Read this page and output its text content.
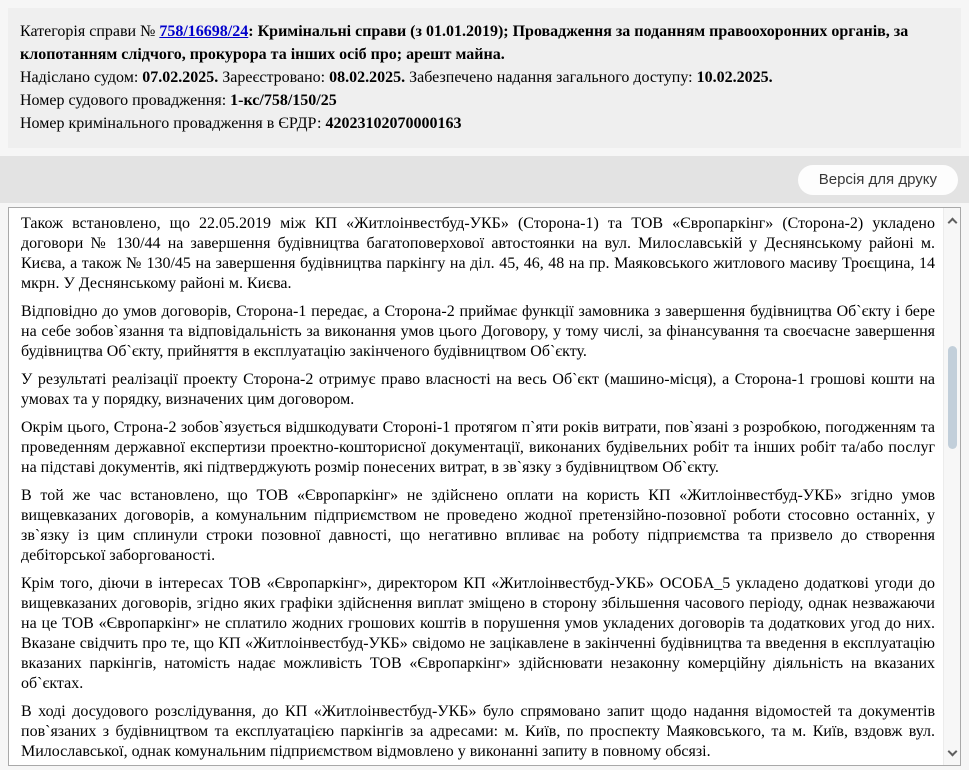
Категорія справи № 758/16698/24: Кримінальні справи (з 01.01.2019); Провадження за поданням правоохоронних органів, за клопотанням слідчого, прокурора та інших осіб про; арешт майна.

Надіслано судом: 07.02.2025. Зареєстровано: 08.02.2025. Забезпечено надання загального доступу: 10.02.2025.

Номер судового провадження: 1-кс/758/150/25

Номер кримінального провадження в ЄРДР: 42023102070000163

Версія для друку

Також встановлено, що 22.05.2019 між КП «Житлоінвестбуд-УКБ» (Сторона-1) та ТОВ «Європаркінг» (Сторона-2) укладено договори № 130/44 на завершення будівництва багатоповерхової автостоянки на вул. Милославській у Деснянському районі м. Києва, а також № 130/45 на завершення будівництва паркінгу на діл. 45, 46, 48 на пр. Маяковського житлового масиву Троєщина, 14 мкрн. У Деснянському районі м. Києва.

Відповідно до умов договорів, Сторона-1 передає, а Сторона-2 приймає функції замовника з завершення будівництва Об`єкту і бере на себе зобов`язання та відповідальність за виконання умов цього Договору, у тому числі, за фінансування та своєчасне завершення будівництва Об`єкту, прийняття в експлуатацію закінченого будівництвом Об`єкту.

У результаті реалізації проекту Сторона-2 отримує право власності на весь Об`єкт (машино-місця), а Сторона-1 грошові кошти на умовах та у порядку, визначених цим договором.

Окрім цього, Строна-2 зобов`язується відшкодувати Стороні-1 протягом п`яти років витрати, пов`язані з розробкою, погодженням та проведенням державної експертизи проектно-кошторисної документації, виконаних будівельних робіт та інших робіт та/або послуг на підставі документів, які підтверджують розмір понесених витрат, в зв`язку з будівництвом Об`єкту.

В той же час встановлено, що ТОВ «Європаркінг» не здійснено оплати на користь КП «Житлоінвестбуд-УКБ» згідно умов вищевказаних договорів, а комунальним підприємством не проведено жодної претензійно-позовної роботи стосовно останніх, у зв`язку із цим сплинули строки позовної давності, що негативно впливає на роботу підприємства та призвело до створення дебіторської заборгованості.

Крім того, діючи в інтересах ТОВ «Європаркінг», директором КП «Житлоінвестбуд-УКБ» ОСОБА_5 укладено додаткові угоди до вищевказаних договорів, згідно яких графіки здійснення виплат зміщено в сторону збільшення часового періоду, однак незважаючи на це ТОВ «Європаркінг» не сплатило жодних грошових коштів в порушення умов укладених договорів та додаткових угод до них. Вказане свідчить про те, що КП «Житлоінвестбуд-УКБ» свідомо не зацікавлене в закінченні будівництва та введення в експлуатацію вказаних паркінгів, натомість надає можливість ТОВ «Європаркінг» здійснювати незаконну комерційну діяльність на вказаних об`єктах.

В ході досудового розслідування, до КП «Житлоінвестбуд-УКБ» було спрямовано запит щодо надання відомостей та документів пов`язаних з будівництвом та експлуатацією паркінгів за адресами: м. Київ, по проспекту Маяковського, та м. Київ, вздовж вул. Милославської, однак комунальним підприємством відмовлено у виконанні запиту в повному обсязі.
